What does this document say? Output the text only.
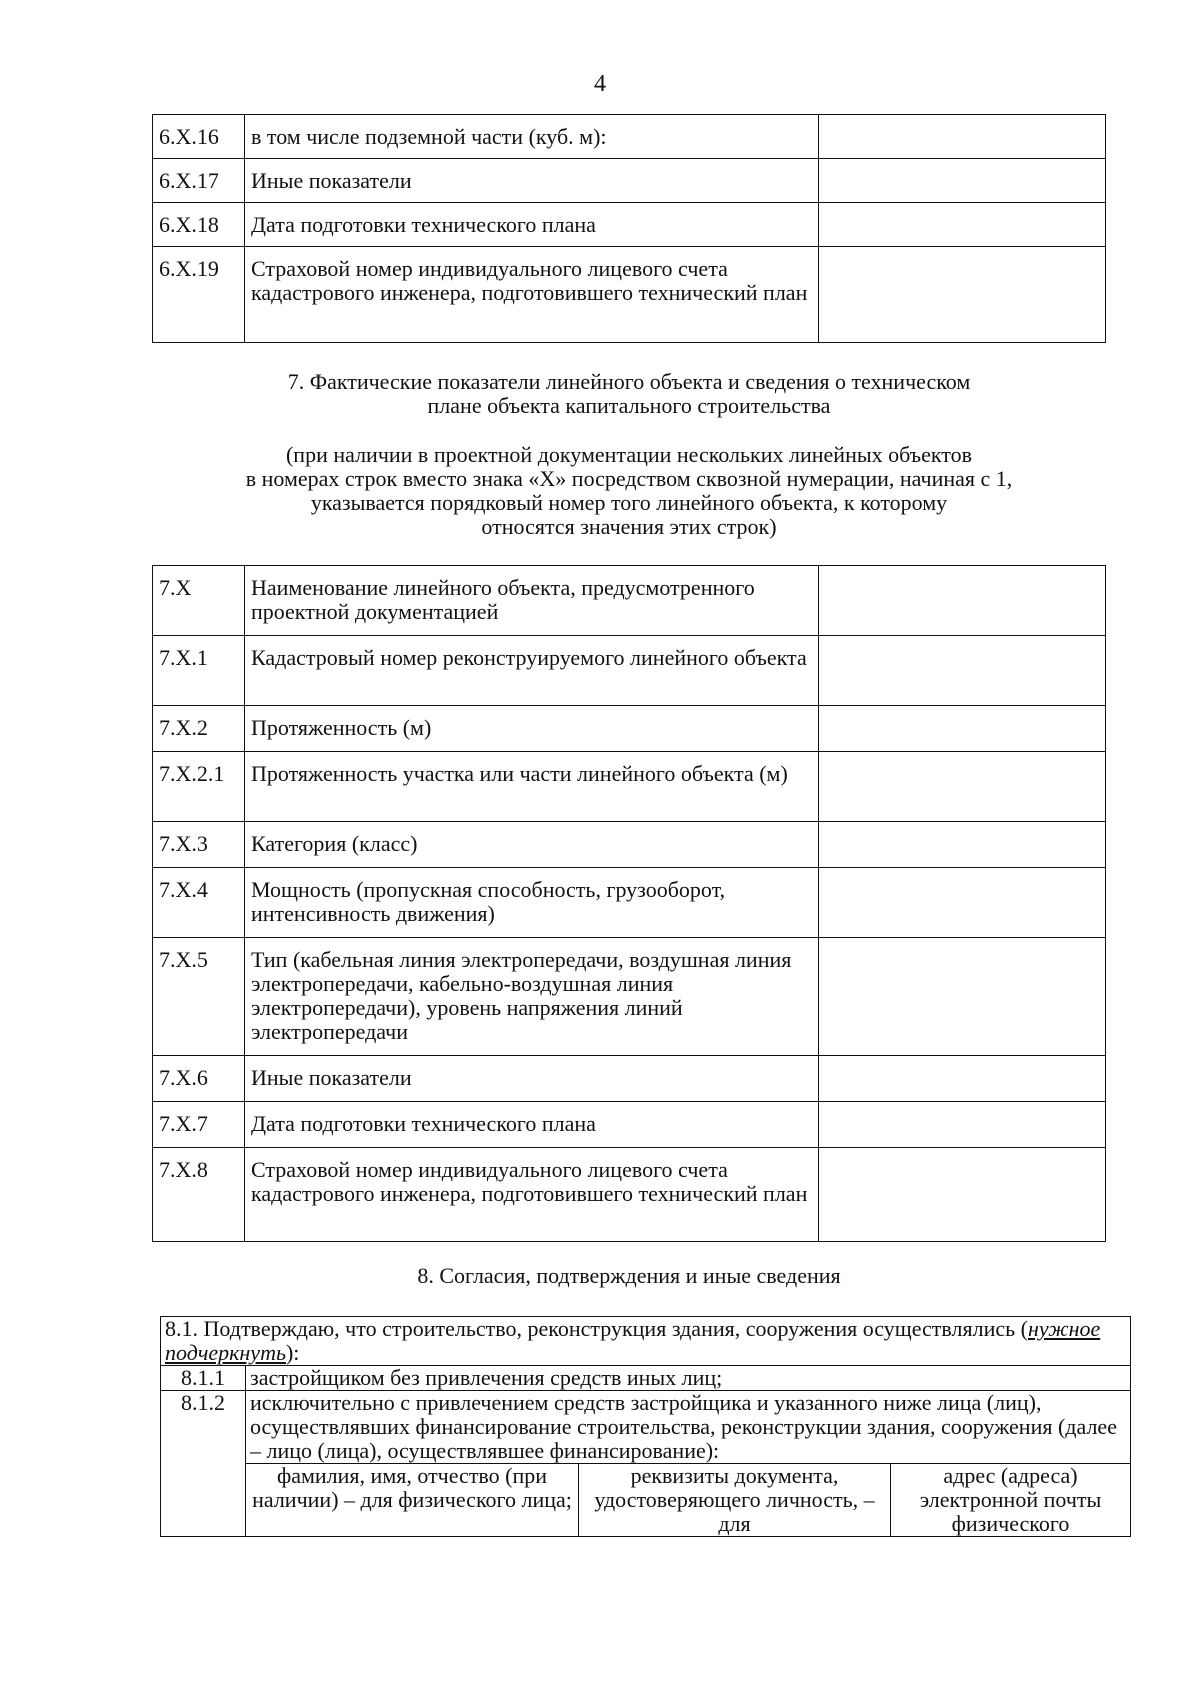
4
6.X.16	в том числе подземной части (куб. м):	
6.X.17	Иные показатели	
6.X.18	Дата подготовки технического плана	
6.X.19	Страховой номер индивидуального лицевого счета кадастрового инженера, подготовившего технический план	
7. Фактические показатели линейного объекта и сведения о техническом
плане объекта капитального строительства
(при наличии в проектной документации нескольких линейных объектов
в номерах строк вместо знака «Х» посредством сквозной нумерации, начиная с 1,
указывается порядковый номер того линейного объекта, к которому
относятся значения этих строк)
7.X	Наименование линейного объекта, предусмотренного проектной документацией	
7.X.1	Кадастровый номер реконструируемого линейного объекта	
7.X.2	Протяженность (м)	
7.X.2.1	Протяженность участка или части линейного объекта (м)	
7.X.3	Категория (класс)	
7.X.4	Мощность (пропускная способность, грузооборот, интенсивность движения)	
7.X.5	Тип (кабельная линия электропередачи, воздушная линия электропередачи, кабельно-воздушная линия электропередачи), уровень напряжения линий электропередачи	
7.X.6	Иные показатели	
7.X.7	Дата подготовки технического плана	
7.X.8	Страховой номер индивидуального лицевого счета кадастрового инженера, подготовившего технический план	
8. Согласия, подтверждения и иные сведения
8.1. Подтверждаю, что строительство, реконструкция здания, сооружения осуществлялись (нужное подчеркнуть):			
8.1.1	застройщиком без привлечения средств иных лиц;		
8.1.2	исключительно с привлечением средств застройщика и указанного ниже лица (лиц), осуществлявших финансирование строительства, реконструкции здания, сооружения (далее – лицо (лица), осуществлявшее финансирование):		
	фамилия, имя, отчество (при наличии) – для физического лица;	реквизиты документа, удостоверяющего личность, – для	адрес (адреса) электронной почты физического
